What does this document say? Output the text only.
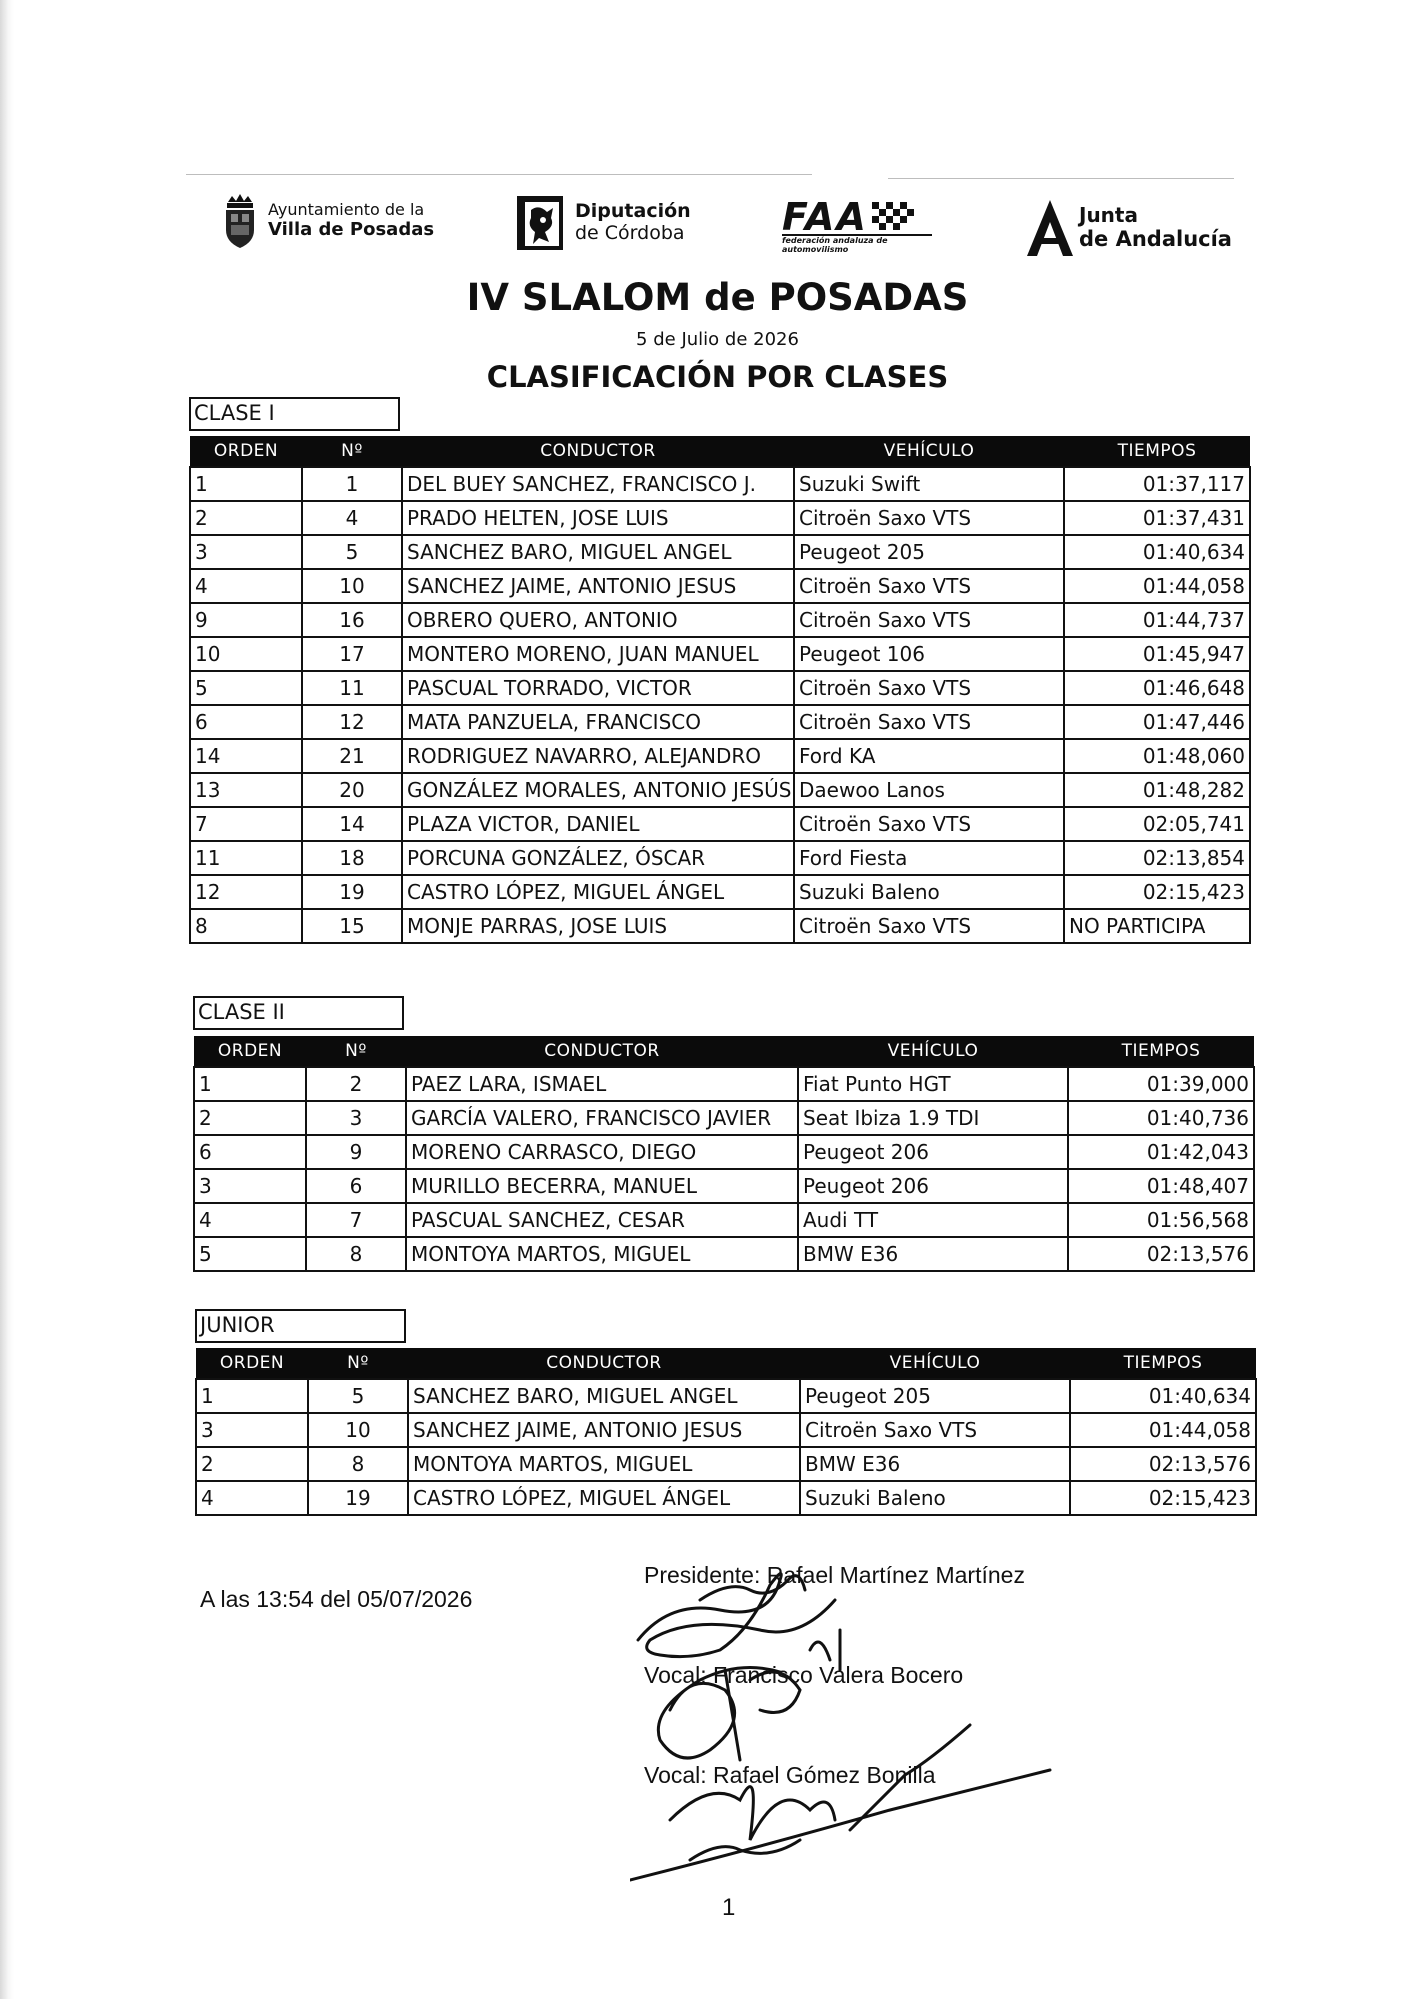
Ayuntamiento de la
Villa de Posadas
Diputación
de Córdoba	FAA
federación andaluza de automovilismo
Junta
de Andalucía
IV SLALOM de POSADAS
5 de Julio de 2026
CLASIFICACIÓN POR CLASES
CLASE I
ORDEN	Nº	CONDUCTOR	VEHÍCULO	TIEMPOS
1	1	DEL BUEY SANCHEZ, FRANCISCO J.	Suzuki Swift	01:37,117
2	4	PRADO HELTEN, JOSE LUIS	Citroën Saxo VTS	01:37,431
3	5	SANCHEZ BARO, MIGUEL ANGEL	Peugeot 205	01:40,634
4	10	SANCHEZ JAIME, ANTONIO JESUS	Citroën Saxo VTS	01:44,058
9	16	OBRERO QUERO, ANTONIO	Citroën Saxo VTS	01:44,737
10	17	MONTERO MORENO, JUAN MANUEL	Peugeot 106	01:45,947
5	11	PASCUAL TORRADO, VICTOR	Citroën Saxo VTS	01:46,648
6	12	MATA PANZUELA, FRANCISCO	Citroën Saxo VTS	01:47,446
14	21	RODRIGUEZ NAVARRO, ALEJANDRO	Ford KA	01:48,060
13	20	GONZÁLEZ MORALES, ANTONIO JESÚS	Daewoo Lanos	01:48,282
7	14	PLAZA VICTOR, DANIEL	Citroën Saxo VTS	02:05,741
11	18	PORCUNA GONZÁLEZ, ÓSCAR	Ford Fiesta	02:13,854
12	19	CASTRO LÓPEZ, MIGUEL ÁNGEL	Suzuki Baleno	02:15,423
8	15	MONJE PARRAS, JOSE LUIS	Citroën Saxo VTS	NO PARTICIPA
CLASE II
ORDEN	Nº	CONDUCTOR	VEHÍCULO	TIEMPOS
1	2	PAEZ LARA, ISMAEL	Fiat Punto HGT	01:39,000
2	3	GARCÍA VALERO, FRANCISCO JAVIER	Seat Ibiza 1.9 TDI	01:40,736
6	9	MORENO CARRASCO, DIEGO	Peugeot 206	01:42,043
3	6	MURILLO BECERRA, MANUEL	Peugeot 206	01:48,407
4	7	PASCUAL SANCHEZ, CESAR	Audi TT	01:56,568
5	8	MONTOYA MARTOS, MIGUEL	BMW E36	02:13,576
JUNIOR
ORDEN	Nº	CONDUCTOR	VEHÍCULO	TIEMPOS
1	5	SANCHEZ BARO, MIGUEL ANGEL	Peugeot 205	01:40,634
3	10	SANCHEZ JAIME, ANTONIO JESUS	Citroën Saxo VTS	01:44,058
2	8	MONTOYA MARTOS, MIGUEL	BMW E36	02:13,576
4	19	CASTRO LÓPEZ, MIGUEL ÁNGEL	Suzuki Baleno	02:15,423
A las 13:54 del 05/07/2026
Presidente: Rafael Martínez Martínez
Vocal: Francisco Valera Bocero
Vocal: Rafael Gómez Bonilla
1
